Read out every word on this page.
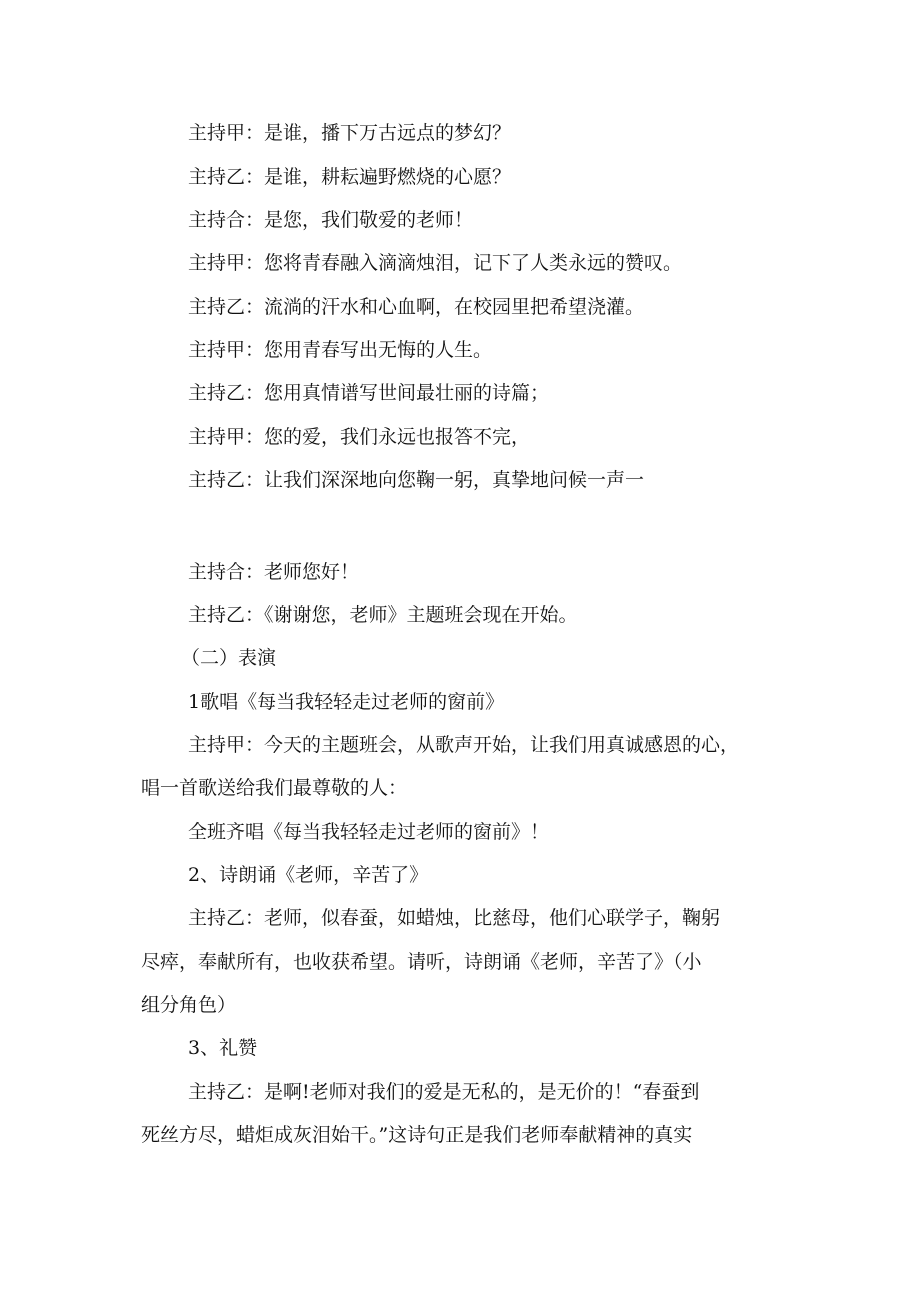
主持甲：是谁，播下万古远点的梦幻？
主持乙：是谁，耕耘遍野燃烧的心愿？
主持合：是您，我们敬爱的老师！
主持甲：您将青春融入滴滴烛泪，记下了人类永远的赞叹。
主持乙：流淌的汗水和心血啊，在校园里把希望浇灌。
主持甲：您用青春写出无悔的人生。
主持乙：您用真情谱写世间最壮丽的诗篇；
主持甲：您的爱，我们永远也报答不完，
主持乙：让我们深深地向您鞠一躬，真挚地问候一声一
主持合：老师您好！
主持乙：《谢谢您，老师》主题班会现在开始。
（二）表演
1歌唱《每当我轻轻走过老师的窗前》
主持甲：今天的主题班会，从歌声开始，让我们用真诚感恩的心，
唱一首歌送给我们最尊敬的人：
全班齐唱《每当我轻轻走过老师的窗前》！
2、诗朗诵《老师，辛苦了》
主持乙：老师，似春蚕，如蜡烛，比慈母，他们心联学子，鞠躬
尽瘁，奉献所有，也收获希望。请听，诗朗诵《老师，辛苦了》（小
组分角色）
3、礼赞
主持乙：是啊!老师对我们的爱是无私的，是无价的！“春蚕到
死丝方尽，蜡炬成灰泪始干。”这诗句正是我们老师奉献精神的真实
